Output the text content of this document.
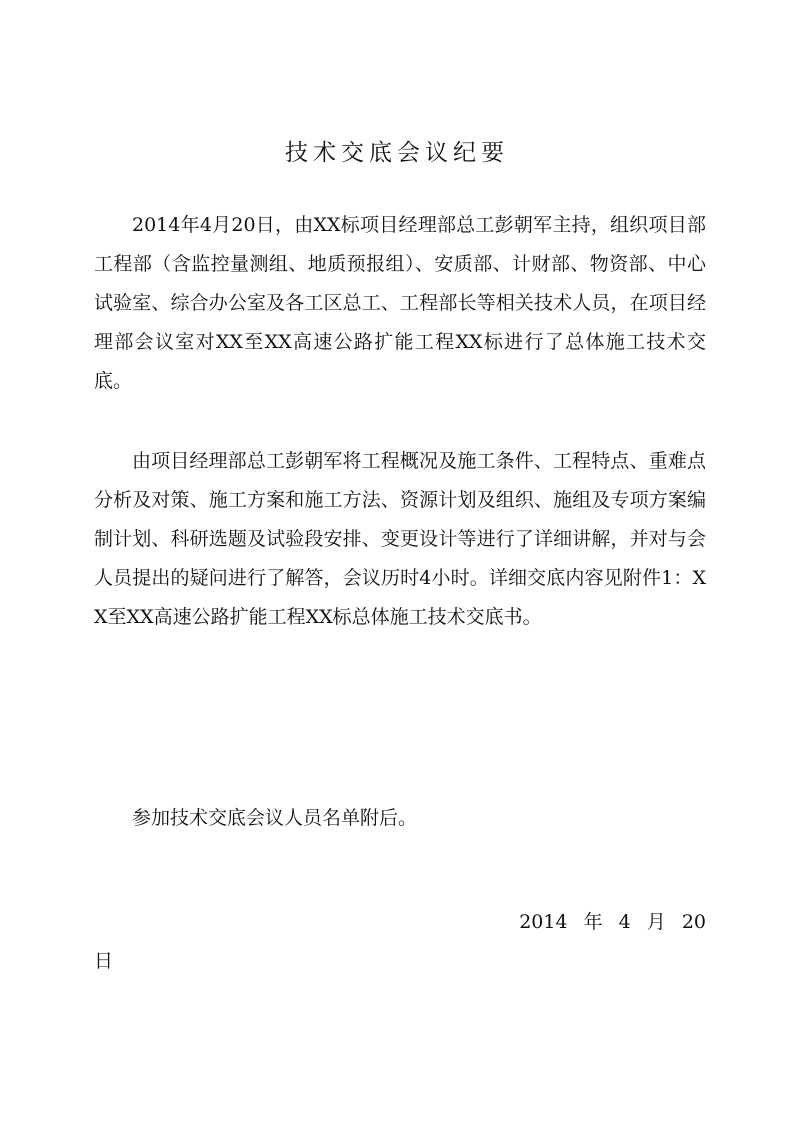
技术交底会议纪要

2014年4月20日，由XX标项目经理部总工彭朝军主持，组织项目部工程部（含监控量测组、地质预报组）、安质部、计财部、物资部、中心试验室、综合办公室及各工区总工、工程部长等相关技术人员，在项目经理部会议室对XX至XX高速公路扩能工程XX标进行了总体施工技术交底。

由项目经理部总工彭朝军将工程概况及施工条件、工程特点、重难点分析及对策、施工方案和施工方法、资源计划及组织、施组及专项方案编制计划、科研选题及试验段安排、变更设计等进行了详细讲解，并对与会人员提出的疑问进行了解答，会议历时4小时。详细交底内容见附件1：XX至XX高速公路扩能工程XX标总体施工技术交底书。

参加技术交底会议人员名单附后。

2014 年 4 月 20
日
